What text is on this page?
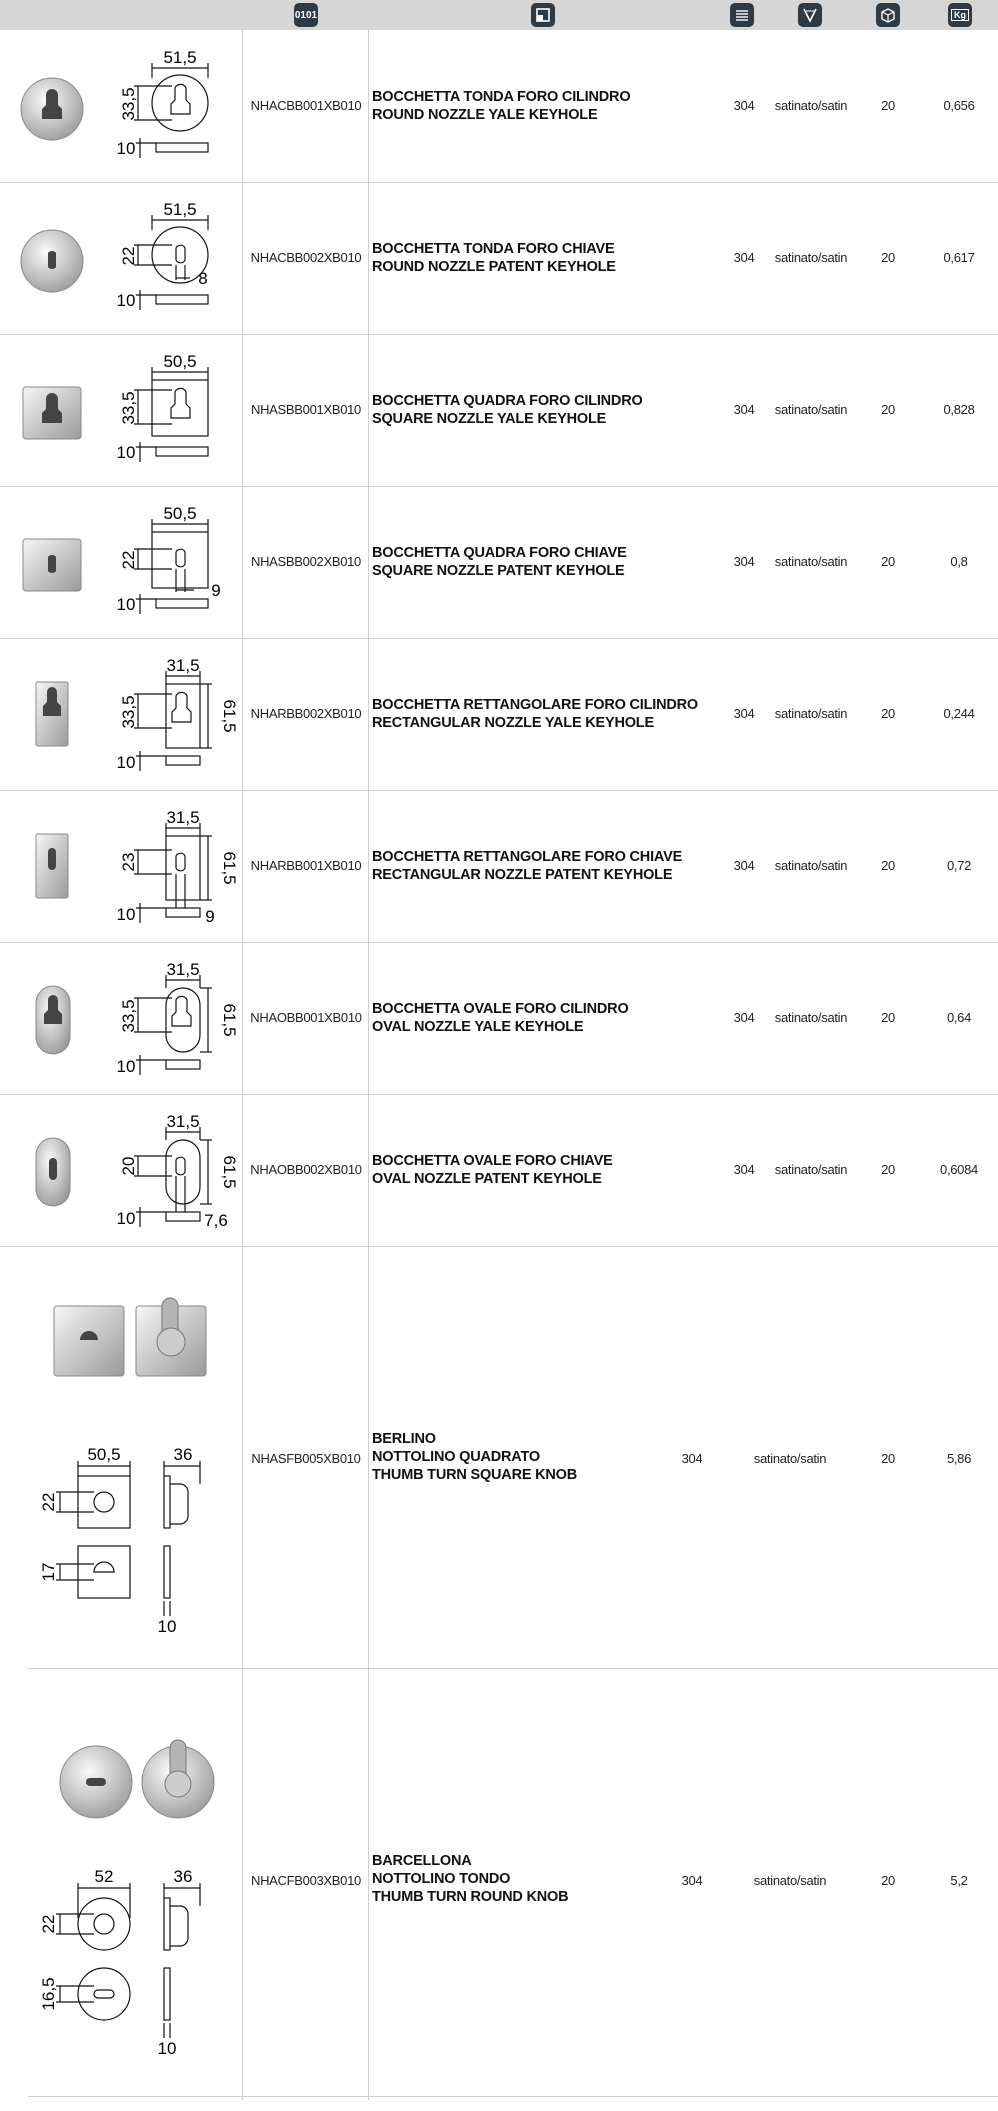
0101	Kg
51,5
33,5
10
NHACBB001XB010
BOCCHETTA TONDA FORO CILINDRO
ROUND NOZZLE YALE KEYHOLE
304	satinato/satin	20	0,656
51,5
22
8
10
NHACBB002XB010
BOCCHETTA TONDA FORO CHIAVE
ROUND NOZZLE PATENT KEYHOLE
304	satinato/satin	20	0,617
50,5
33,5
10
NHASBB001XB010
BOCCHETTA QUADRA FORO CILINDRO
SQUARE NOZZLE YALE KEYHOLE
304	satinato/satin	20	0,828
50,5
22
9
10
NHASBB002XB010
BOCCHETTA QUADRA FORO CHIAVE
SQUARE NOZZLE PATENT KEYHOLE
304	satinato/satin	20	0,8
31,5
33,5	61,5
10
NHARBB002XB010
BOCCHETTA RETTANGOLARE FORO CILINDRO
RECTANGULAR NOZZLE YALE KEYHOLE
304	satinato/satin	20	0,244
31,5
23	61,5
9
10
NHARBB001XB010
BOCCHETTA RETTANGOLARE FORO CHIAVE
RECTANGULAR NOZZLE PATENT KEYHOLE
304	satinato/satin	20	0,72
31,5
33,5	61,5
10
NHAOBB001XB010
BOCCHETTA OVALE FORO CILINDRO
OVAL NOZZLE YALE KEYHOLE
304	satinato/satin	20	0,64
31,5
20	61,5
7,6
10
NHAOBB002XB010
BOCCHETTA OVALE FORO CHIAVE
OVAL NOZZLE PATENT KEYHOLE
304	satinato/satin	20	0,6084
50,5	36
22
17
10
NHASFB005XB010
BERLINO
NOTTOLINO QUADRATO
THUMB TURN SQUARE KNOB
304	satinato/satin	20	5,86
52	36
22
16,5
10
NHACFB003XB010
BARCELLONA
NOTTOLINO TONDO
THUMB TURN ROUND KNOB
304	satinato/satin	20	5,2
